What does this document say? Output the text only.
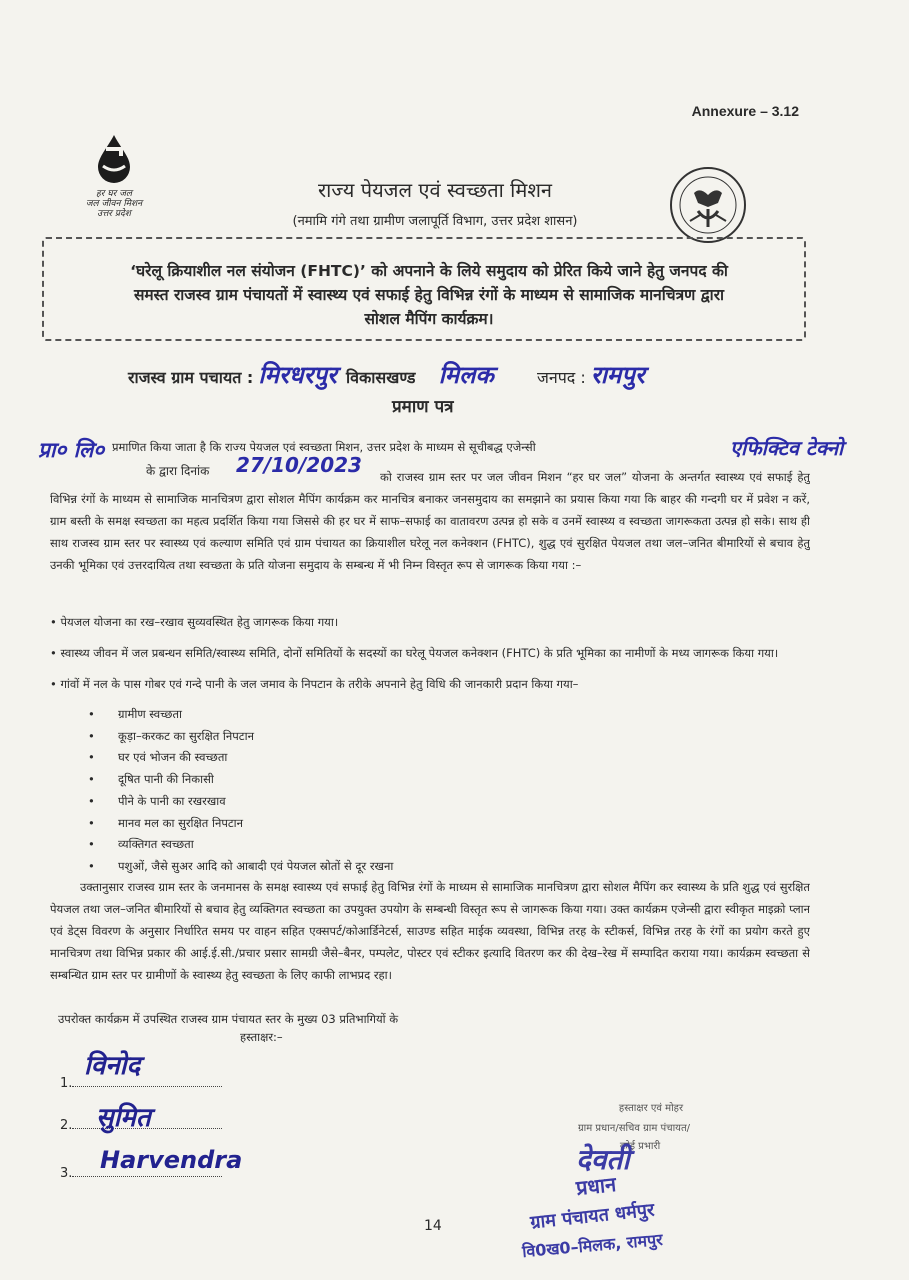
Annexure – 3.12
हर घर जल
जल जीवन मिशन
उत्तर प्रदेश
राज्य पेयजल एवं स्वच्छता मिशन
(नमामि गंगे तथा ग्रामीण जलापूर्ति विभाग, उत्तर प्रदेश शासन)

‘घरेलू क्रियाशील नल संयोजन (FHTC)’ को अपनाने के लिये समुदाय को प्रेरित किये जाने हेतु जनपद की

समस्त राजस्व ग्राम पंचायतों में स्वास्थ्य एवं सफाई हेतु विभिन्न रंगों के माध्यम से सामाजिक मानचित्रण द्वारा

सोशल मैपिंग कार्यक्रम।

राजस्व ग्राम पचायत : मिरधरपुर विकासखण्ड मिलक	जनपद : रामपुर
प्रमाण पत्र
प्रा० लि०	एफिक्टिव टेक्नो
प्रमाणित किया जाता है कि राज्य पेयजल एवं स्वच्छता मिशन, उत्तर प्रदेश के माध्यम से सूचीबद्ध एजेन्सी
के द्वारा दिनांक 27/10/2023	को राजस्व ग्राम स्तर पर जल जीवन मिशन “हर घर जल” योजना के अन्तर्गत स्वास्थ्य एवं सफाई हेतु विभिन्न रंगों के माध्यम से सामाजिक मानचित्रण द्वारा सोशल मैपिंग कार्यक्रम कर मानचित्र बनाकर जनसमुदाय का समझाने का प्रयास किया गया कि बाहर की गन्दगी घर में प्रवेश न करें, ग्राम बस्ती के समक्ष स्वच्छता का महत्व प्रदर्शित किया गया जिससे की हर घर में साफ–सफाई का वातावरण उत्पन्न हो सके व उनमें स्वास्थ्य व स्वच्छता जागरूकता उत्पन्न हो सके। साथ ही साथ राजस्व ग्राम स्तर पर स्वास्थ्य एवं कल्याण समिति एवं ग्राम पंचायत का क्रियाशील घरेलू नल कनेक्शन (FHTC), शुद्ध एवं सुरक्षित पेयजल तथा जल–जनित बीमारियों से बचाव हेतु उनकी भूमिका एवं उत्तरदायित्व तथा स्वच्छता के प्रति योजना समुदाय के सम्बन्ध में भी निम्न विस्तृत रूप से जागरूक किया गया :–
• पेयजल योजना का रख–रखाव सुव्यवस्थित हेतु जागरूक किया गया।
• स्वास्थ्य जीवन में जल प्रबन्धन समिति/स्वास्थ्य समिति, दोनों समितियों के सदस्यों का घरेलू पेयजल कनेक्शन (FHTC) के प्रति भूमिका का नामीणों के मध्य जागरूक किया गया।
• गांवों में नल के पास गोबर एवं गन्दे पानी के जल जमाव के निपटान के तरीके अपनाने हेतु विधि की जानकारी प्रदान किया गया–
• ग्रामीण स्वच्छता
• कूड़ा–करकट का सुरक्षित निपटान
• घर एवं भोजन की स्वच्छता
• दूषित पानी की निकासी
• पीने के पानी का रखरखाव
• मानव मल का सुरक्षित निपटान
• व्यक्तिगत स्वच्छता
• पशुओं, जैसे सुअर आदि को आबादी एवं पेयजल स्रोतों से दूर रखना
उक्तानुसार राजस्व ग्राम स्तर के जनमानस के समक्ष स्वास्थ्य एवं सफाई हेतु विभिन्न रंगों के माध्यम से सामाजिक मानचित्रण द्वारा सोशल मैपिंग कर स्वास्थ्य के प्रति शुद्ध एवं सुरक्षित पेयजल तथा जल–जनित बीमारियों से बचाव हेतु व्यक्तिगत स्वच्छता का उपयुक्त उपयोग के सम्बन्धी विस्तृत रूप से जागरूक किया गया। उक्त कार्यक्रम एजेन्सी द्वारा स्वीकृत माइक्रो प्लान एवं डेट्स विवरण के अनुसार निर्धारित समय पर वाहन सहित एक्सपर्ट/कोआर्डिनेटर्स, साउण्ड सहित माईक व्यवस्था, विभिन्न तरह के स्टीकर्स, विभिन्न तरह के रंगों का प्रयोग करते हुए मानचित्रण तथा विभिन्न प्रकार की आई.ई.सी./प्रचार प्रसार सामग्री जैसे–बैनर, पम्पलेट, पोस्टर एवं स्टीकर इत्यादि वितरण कर की देख–रेख में सम्पादित कराया गया। कार्यक्रम स्वच्छता से सम्बन्धित ग्राम स्तर पर ग्रामीणों के स्वास्थ्य हेतु स्वच्छता के लिए काफी लाभप्रद रहा।
उपरोक्त कार्यक्रम में उपस्थित राजस्व ग्राम पंचायत स्तर के मुख्य 03 प्रतिभागियों के
हस्ताक्षर:–
1.
विनोद
2. सुमित
3. Harvendra
हस्ताक्षर एवं मोहर
ग्राम प्रधान/सचिव ग्राम पंचायत/
कोई प्रभारी
देवती
प्रधान
ग्राम पंचायत धर्मपुर
वि0ख0–मिलक, रामपुर
14
